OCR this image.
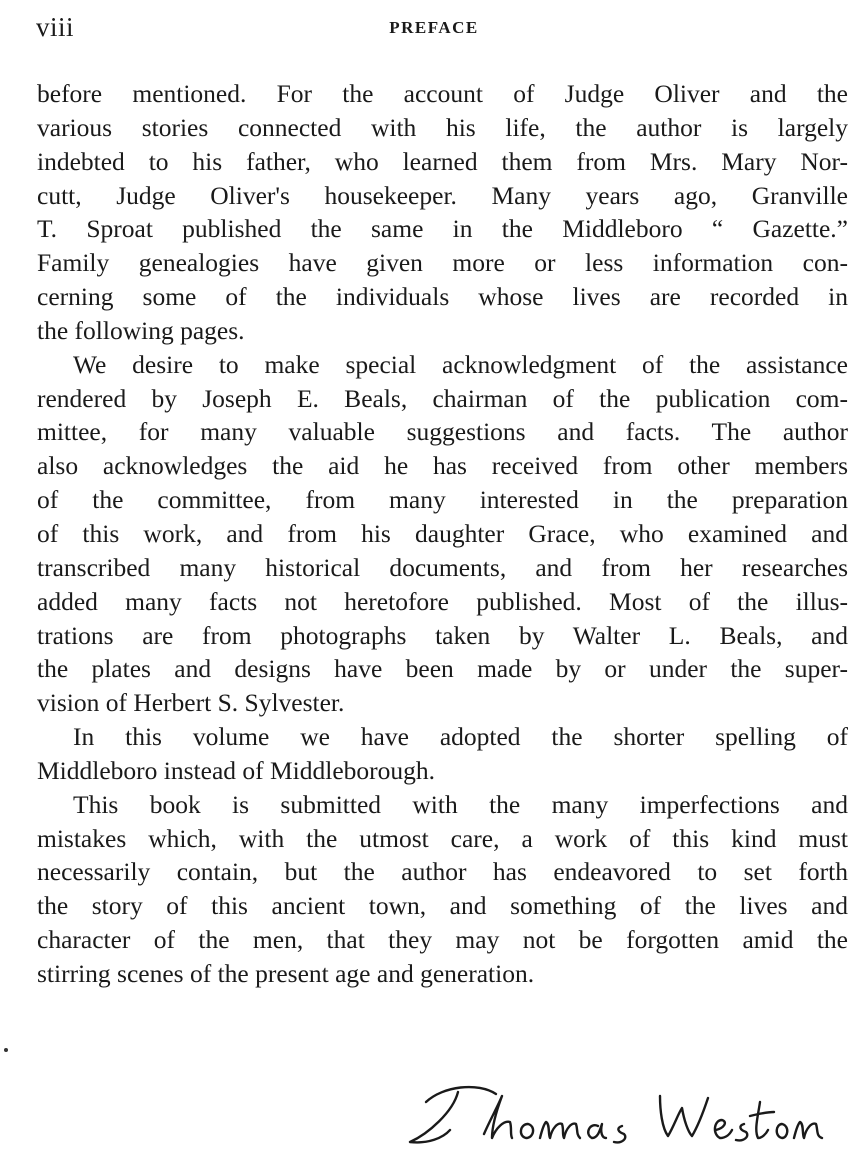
viii	PREFACE
before mentioned. For the account of Judge Oliver and the
various stories connected with his life, the author is largely
indebted to his father, who learned them from Mrs. Mary Nor-
cutt, Judge Oliver's housekeeper. Many years ago, Granville
T. Sproat published the same in the Middleboro “ Gazette.”
Family genealogies have given more or less information con-
cerning some of the individuals whose lives are recorded in
the following pages.
We desire to make special acknowledgment of the assistance
rendered by Joseph E. Beals, chairman of the publication com-
mittee, for many valuable suggestions and facts. The author
also acknowledges the aid he has received from other members
of the committee, from many interested in the preparation
of this work, and from his daughter Grace, who examined and
transcribed many historical documents, and from her researches
added many facts not heretofore published. Most of the illus-
trations are from photographs taken by Walter L. Beals, and
the plates and designs have been made by or under the super-
vision of Herbert S. Sylvester.
In this volume we have adopted the shorter spelling of
Middleboro instead of Middleborough.
This book is submitted with the many imperfections and
mistakes which, with the utmost care, a work of this kind must
necessarily contain, but the author has endeavored to set forth
the story of this ancient town, and something of the lives and
character of the men, that they may not be forgotten amid the
stirring scenes of the present age and generation.
